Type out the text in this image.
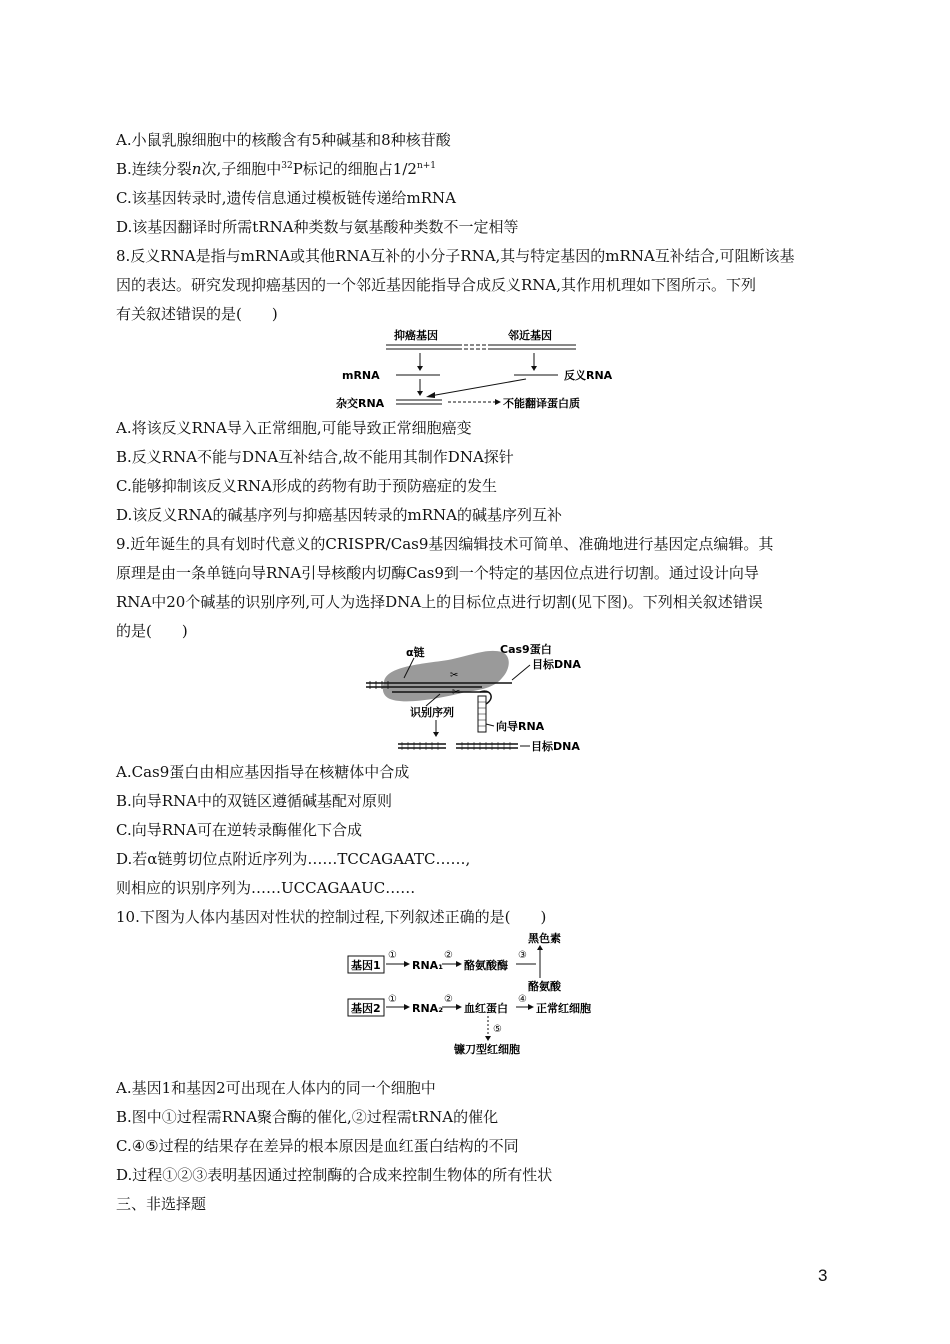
A.小鼠乳腺细胞中的核酸含有5种碱基和8种核苷酸
B.连续分裂n次,子细胞中$^{32}$P标记的细胞占$1/2^{n+1}$
C.该基因转录时,遗传信息通过模板链传递给mRNA
D.该基因翻译时所需tRNA种类数与氨基酸种类数不一定相等
8.反义RNA是指与mRNA或其他RNA互补的小分子RNA,其与特定基因的mRNA互补结合,可阻断该基
因的表达。研究发现抑癌基因的一个邻近基因能指导合成反义RNA,其作用机理如下图所示。下列
有关叙述错误的是(　　)
抑癌基因	邻近基因
mRNA	反义RNA
杂交RNA	不能翻译蛋白质
A.将该反义RNA导入正常细胞,可能导致正常细胞癌变
B.反义RNA不能与DNA互补结合,故不能用其制作DNA探针
C.能够抑制该反义RNA形成的药物有助于预防癌症的发生
D.该反义RNA的碱基序列与抑癌基因转录的mRNA的碱基序列互补
9.近年诞生的具有划时代意义的CRISPR/Cas9基因编辑技术可简单、准确地进行基因定点编辑。其
原理是由一条单链向导RNA引导核酸内切酶Cas9到一个特定的基因位点进行切割。通过设计向导
RNA中20个碱基的识别序列,可人为选择DNA上的目标位点进行切割(见下图)。下列相关叙述错误
的是(　　)
α链	Cas9蛋白
目标DNA
✂
✂
识别序列
向导RNA
目标DNA
A.Cas9蛋白由相应基因指导在核糖体中合成
B.向导RNA中的双链区遵循碱基配对原则
C.向导RNA可在逆转录酶催化下合成
D.若α链剪切位点附近序列为……TCCAGAATC……,
则相应的识别序列为……UCCAGAAUC……
10.下图为人体内基因对性状的控制过程,下列叙述正确的是(　　)
黑色素
基因1
①
RNA₁
②
酪氨酸酶
③
酪氨酸
基因2
①
RNA₂
②
血红蛋白
④
正常红细胞
⑤
镰刀型红细胞
A.基因1和基因2可出现在人体内的同一个细胞中
B.图中①过程需RNA聚合酶的催化,②过程需tRNA的催化
C.④⑤过程的结果存在差异的根本原因是血红蛋白结构的不同
D.过程①②③表明基因通过控制酶的合成来控制生物体的所有性状
三、非选择题
3
